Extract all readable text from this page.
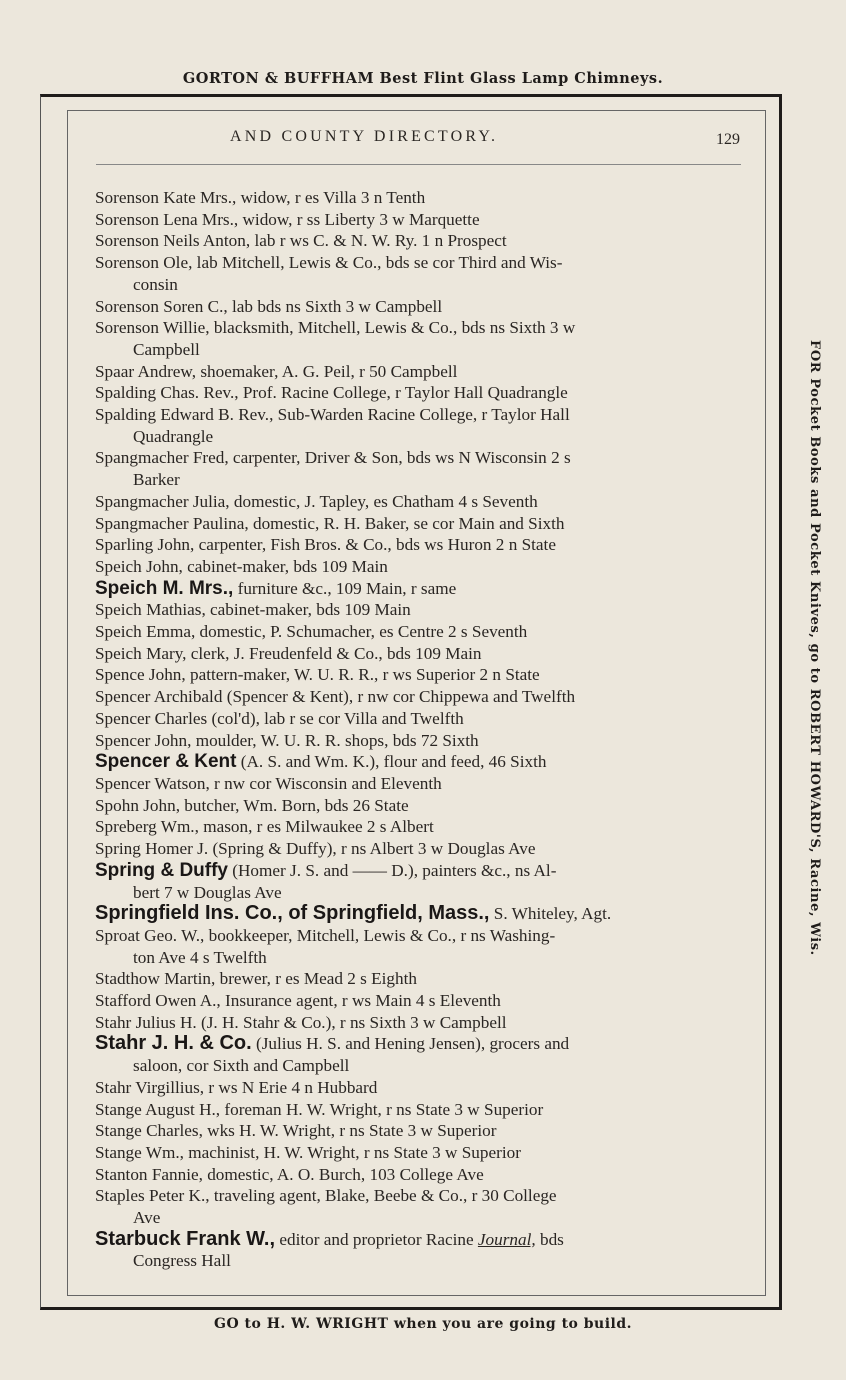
GORTON & BUFFHAM Best Flint Glass Lamp Chimneys.
AND COUNTY DIRECTORY.	129
Sorenson Kate Mrs., widow, r es Villa 3 n Tenth
Sorenson Lena Mrs., widow, r ss Liberty 3 w Marquette
Sorenson Neils Anton, lab r ws C. & N. W. Ry. 1 n Prospect
Sorenson Ole, lab Mitchell, Lewis & Co., bds se cor Third and Wis-
consin
Sorenson Soren C., lab bds ns Sixth 3 w Campbell
Sorenson Willie, blacksmith, Mitchell, Lewis & Co., bds ns Sixth 3 w
Campbell
Spaar Andrew, shoemaker, A. G. Peil, r 50 Campbell
Spalding Chas. Rev., Prof. Racine College, r Taylor Hall Quadrangle
Spalding Edward B. Rev., Sub-Warden Racine College, r Taylor Hall
Quadrangle
Spangmacher Fred, carpenter, Driver & Son, bds ws N Wisconsin 2 s
Barker
Spangmacher Julia, domestic, J. Tapley, es Chatham 4 s Seventh
Spangmacher Paulina, domestic, R. H. Baker, se cor Main and Sixth
Sparling John, carpenter, Fish Bros. & Co., bds ws Huron 2 n State
Speich John, cabinet-maker, bds 109 Main
Speich M. Mrs., furniture &c., 109 Main, r same
Speich Mathias, cabinet-maker, bds 109 Main
Speich Emma, domestic, P. Schumacher, es Centre 2 s Seventh
Speich Mary, clerk, J. Freudenfeld & Co., bds 109 Main
Spence John, pattern-maker, W. U. R. R., r ws Superior 2 n State
Spencer Archibald (Spencer & Kent), r nw cor Chippewa and Twelfth
Spencer Charles (col'd), lab r se cor Villa and Twelfth
Spencer John, moulder, W. U. R. R. shops, bds 72 Sixth
Spencer & Kent (A. S. and Wm. K.), flour and feed, 46 Sixth
Spencer Watson, r nw cor Wisconsin and Eleventh
Spohn John, butcher, Wm. Born, bds 26 State
Spreberg Wm., mason, r es Milwaukee 2 s Albert
Spring Homer J. (Spring & Duffy), r ns Albert 3 w Douglas Ave
Spring & Duffy (Homer J. S. and —— D.), painters &c., ns Al-
bert 7 w Douglas Ave
Springfield Ins. Co., of Springfield, Mass., S. Whiteley, Agt.
Sproat Geo. W., bookkeeper, Mitchell, Lewis & Co., r ns Washing-
ton Ave 4 s Twelfth
Stadthow Martin, brewer, r es Mead 2 s Eighth
Stafford Owen A., Insurance agent, r ws Main 4 s Eleventh
Stahr Julius H. (J. H. Stahr & Co.), r ns Sixth 3 w Campbell
Stahr J. H. & Co. (Julius H. S. and Hening Jensen), grocers and
saloon, cor Sixth and Campbell
Stahr Virgillius, r ws N Erie 4 n Hubbard
Stange August H., foreman H. W. Wright, r ns State 3 w Superior
Stange Charles, wks H. W. Wright, r ns State 3 w Superior
Stange Wm., machinist, H. W. Wright, r ns State 3 w Superior
Stanton Fannie, domestic, A. O. Burch, 103 College Ave
Staples Peter K., traveling agent, Blake, Beebe & Co., r 30 College
Ave
Starbuck Frank W., editor and proprietor Racine Journal, bds
Congress Hall
FOR Pocket Books and Pocket Knives, go to ROBERT HOWARD'S, Racine, Wis.
GO to H. W. WRIGHT when you are going to build.
